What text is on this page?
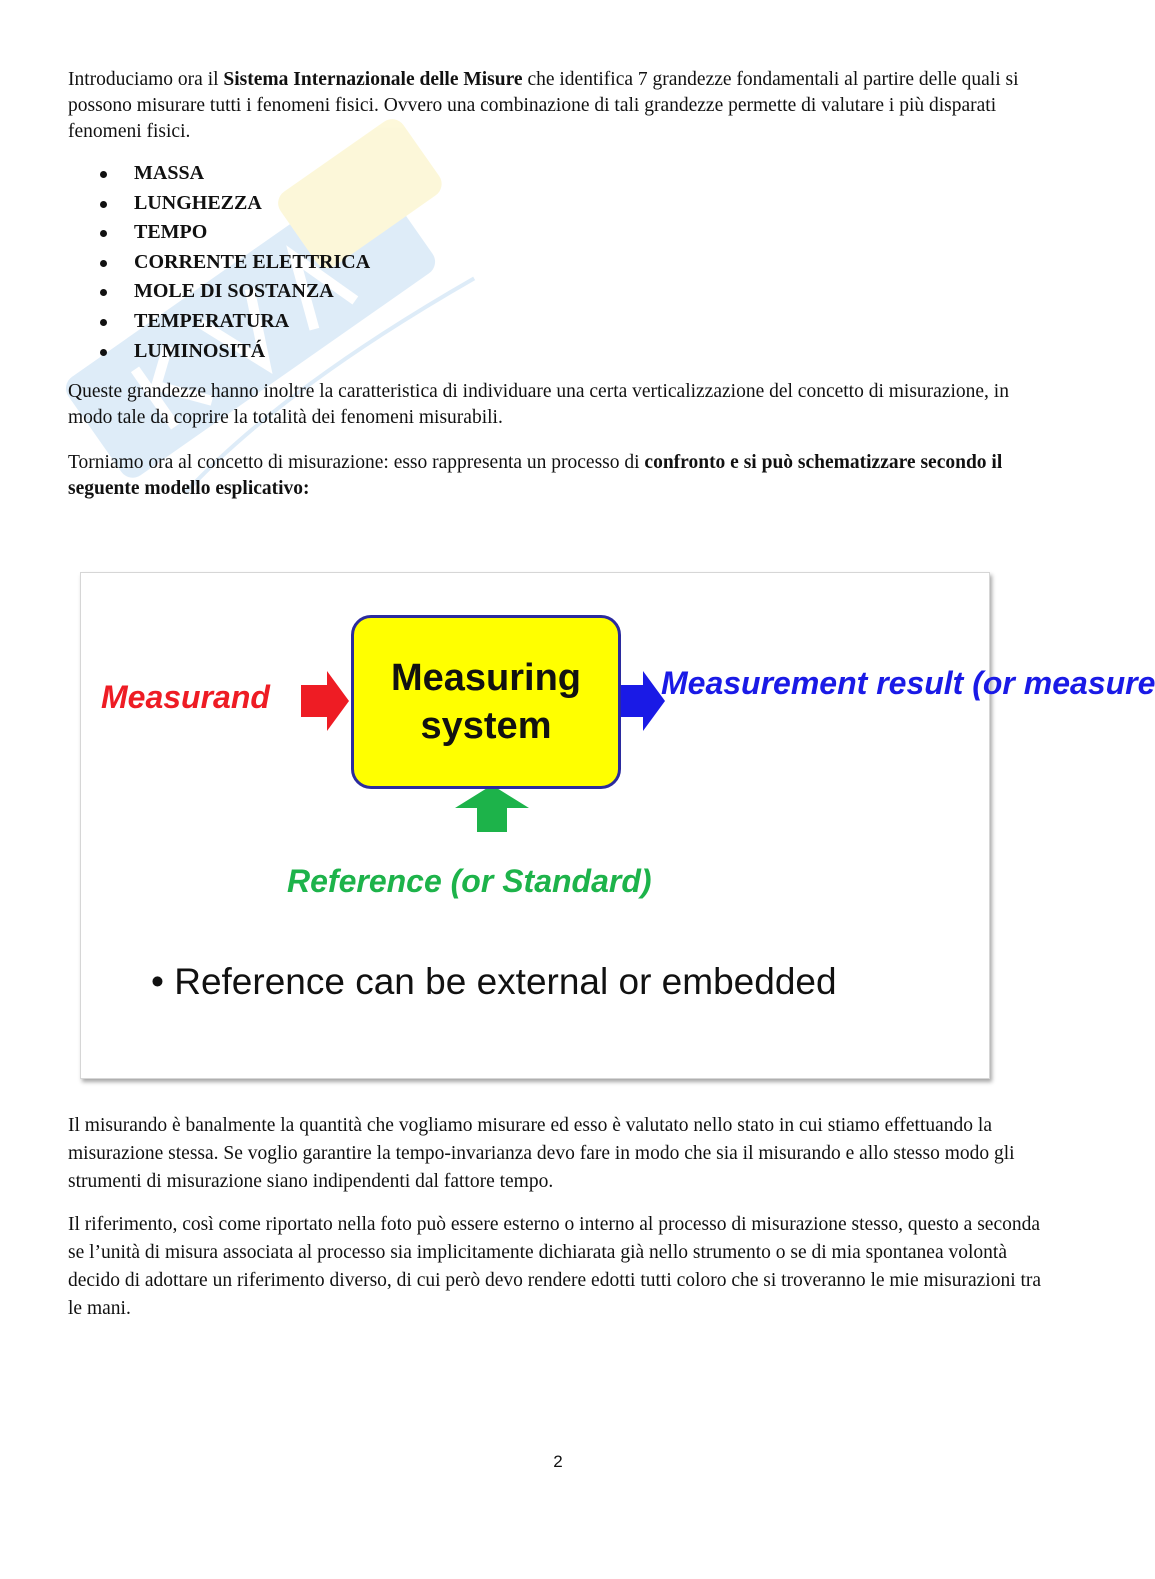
Introduciamo ora il Sistema Internazionale delle Misure che identifica 7 grandezze fondamentali al partire delle quali si possono misurare tutti i fenomeni fisici. Ovvero una combinazione di tali grandezze permette di valutare i più disparati fenomeni fisici.

MASSA
LUNGHEZZA
TEMPO
CORRENTE ELETTRICA
MOLE DI SOSTANZA
TEMPERATURA
LUMINOSITÁ

Queste grandezze hanno inoltre la caratteristica di individuare una certa verticalizzazione del concetto di misurazione, in modo tale da coprire la totalità dei fenomeni misurabili.

Torniamo ora al concetto di misurazione: esso rappresenta un processo di confronto e si può schematizzare secondo il seguente modello esplicativo:

Measurand	Measuring system
Measurement result (or measure
Reference (or Standard)
• Reference can be external or embedded

Il misurando è banalmente la quantità che vogliamo misurare ed esso è valutato nello stato in cui stiamo effettuando la misurazione stessa. Se voglio garantire la tempo-invarianza devo fare in modo che sia il misurando e allo stesso modo gli strumenti di misurazione siano indipendenti dal fattore tempo.

Il riferimento, così come riportato nella foto può essere esterno o interno al processo di misurazione stesso, questo a seconda se l’unità di misura associata al processo sia implicitamente dichiarata già nello strumento o se di mia spontanea volontà decido di adottare un riferimento diverso, di cui però devo rendere edotti tutti coloro che si troveranno le mie misurazioni tra le mani.

2
